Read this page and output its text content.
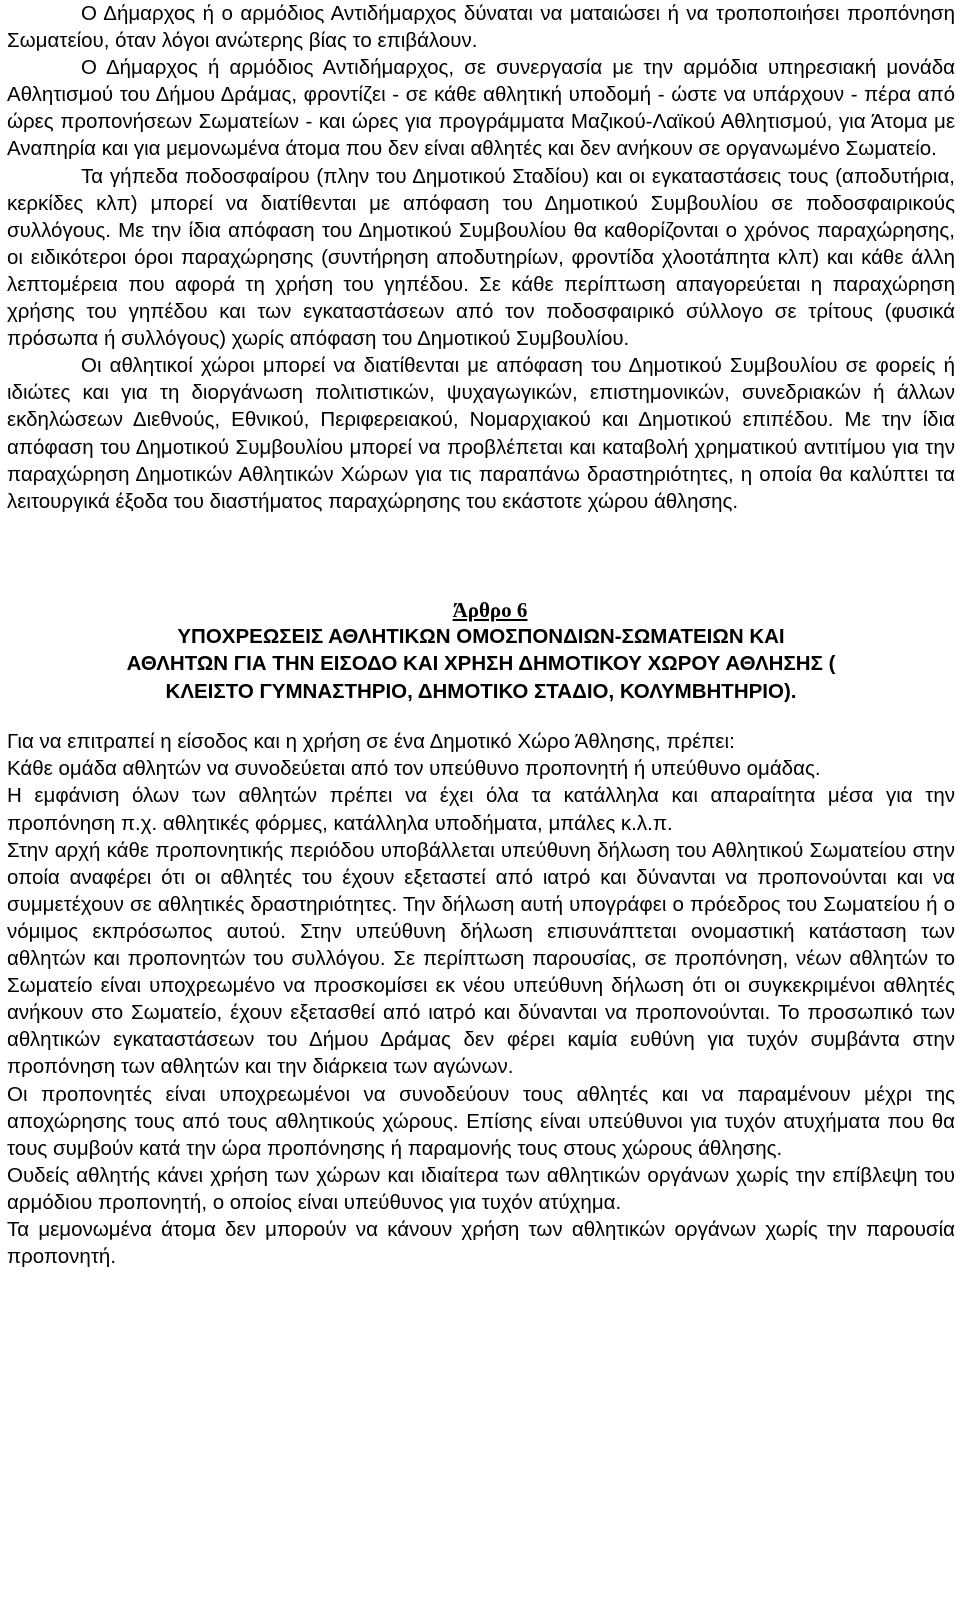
Ο Δήμαρχος ή ο αρμόδιος Αντιδήμαρχος δύναται να ματαιώσει ή να τροποποιήσει προπόνηση Σωματείου, όταν λόγοι ανώτερης βίας το επιβάλουν.

Ο Δήμαρχος ή αρμόδιος Αντιδήμαρχος, σε συνεργασία με την αρμόδια υπηρεσιακή μονάδα Αθλητισμού του Δήμου Δράμας, φροντίζει - σε κάθε αθλητική υποδομή - ώστε να υπάρχουν - πέρα από ώρες προπονήσεων Σωματείων - και ώρες για προγράμματα Μαζικού-Λαϊκού Αθλητισμού, για Άτομα με Αναπηρία και για μεμονωμένα άτομα που δεν είναι αθλητές και δεν ανήκουν σε οργανωμένο Σωματείο.

Τα γήπεδα ποδοσφαίρου (πλην του Δημοτικού Σταδίου) και οι εγκαταστάσεις τους (αποδυτήρια, κερκίδες κλπ) μπορεί να διατίθενται με απόφαση του Δημοτικού Συμβουλίου σε ποδοσφαιρικούς συλλόγους. Με την ίδια απόφαση του Δημοτικού Συμβουλίου θα καθορίζονται ο χρόνος παραχώρησης, οι ειδικότεροι όροι παραχώρησης (συντήρηση αποδυτηρίων, φροντίδα χλοοτάπητα κλπ) και κάθε άλλη λεπτομέρεια που αφορά τη χρήση του γηπέδου. Σε κάθε περίπτωση απαγορεύεται η παραχώρηση χρήσης του γηπέδου και των εγκαταστάσεων από τον ποδοσφαιρικό σύλλογο σε τρίτους (φυσικά πρόσωπα ή συλλόγους) χωρίς απόφαση του Δημοτικού Συμβουλίου.

Οι αθλητικοί χώροι μπορεί να διατίθενται με απόφαση του Δημοτικού Συμβουλίου σε φορείς ή ιδιώτες και για τη διοργάνωση πολιτιστικών, ψυχαγωγικών, επιστημονικών, συνεδριακών ή άλλων εκδηλώσεων Διεθνούς, Εθνικού, Περιφερειακού, Νομαρχιακού και Δημοτικού επιπέδου. Με την ίδια απόφαση του Δημοτικού Συμβουλίου μπορεί να προβλέπεται και καταβολή χρηματικού αντιτίμου για την παραχώρηση Δημοτικών Αθλητικών Χώρων για τις παραπάνω δραστηριότητες, η οποία θα καλύπτει τα λειτουργικά έξοδα του διαστήματος παραχώρησης του εκάστοτε χώρου άθλησης.

Άρθρο 6
ΥΠΟΧΡΕΩΣΕΙΣ ΑΘΛΗΤΙΚΩΝ ΟΜΟΣΠΟΝΔΙΩΝ-ΣΩΜΑΤΕΙΩΝ ΚΑΙ
ΑΘΛΗΤΩΝ ΓΙΑ ΤΗΝ ΕΙΣΟΔΟ ΚΑΙ ΧΡΗΣΗ ΔΗΜΟΤΙΚΟΥ ΧΩΡΟΥ ΑΘΛΗΣΗΣ (
ΚΛΕΙΣΤΟ ΓΥΜΝΑΣΤΗΡΙΟ, ΔΗΜΟΤΙΚΟ ΣΤΑΔΙΟ, ΚΟΛΥΜΒΗΤΗΡΙΟ).

Για να επιτραπεί η είσοδος και η χρήση σε ένα Δημοτικό Χώρο Άθλησης, πρέπει:

Κάθε ομάδα αθλητών να συνοδεύεται από τον υπεύθυνο προπονητή ή υπεύθυνο ομάδας.

Η εμφάνιση όλων των αθλητών πρέπει να έχει όλα τα κατάλληλα και απαραίτητα μέσα για την προπόνηση π.χ. αθλητικές φόρμες, κατάλληλα υποδήματα, μπάλες κ.λ.π.

Στην αρχή κάθε προπονητικής περιόδου υποβάλλεται υπεύθυνη δήλωση του Αθλητικού Σωματείου στην οποία αναφέρει ότι οι αθλητές του έχουν εξεταστεί από ιατρό και δύνανται να προπονούνται και να συμμετέχουν σε αθλητικές δραστηριότητες. Την δήλωση αυτή υπογράφει ο πρόεδρος του Σωματείου ή ο νόμιμος εκπρόσωπος αυτού. Στην υπεύθυνη δήλωση επισυνάπτεται ονομαστική κατάσταση των αθλητών και προπονητών του συλλόγου. Σε περίπτωση παρουσίας, σε προπόνηση, νέων αθλητών το Σωματείο είναι υποχρεωμένο να προσκομίσει εκ νέου υπεύθυνη δήλωση ότι οι συγκεκριμένοι αθλητές ανήκουν στο Σωματείο, έχουν εξετασθεί από ιατρό και δύνανται να προπονούνται. Το προσωπικό των αθλητικών εγκαταστάσεων του Δήμου Δράμας δεν φέρει καμία ευθύνη για τυχόν συμβάντα στην προπόνηση των αθλητών και την διάρκεια των αγώνων.

Οι προπονητές είναι υποχρεωμένοι να συνοδεύουν τους αθλητές και να παραμένουν μέχρι της αποχώρησης τους από τους αθλητικούς χώρους. Επίσης είναι υπεύθυνοι για τυχόν ατυχήματα που θα τους συμβούν κατά την ώρα προπόνησης ή παραμονής τους στους χώρους άθλησης.

Ουδείς αθλητής κάνει χρήση των χώρων και ιδιαίτερα των αθλητικών οργάνων χωρίς την επίβλεψη του αρμόδιου προπονητή, ο οποίος είναι υπεύθυνος για τυχόν ατύχημα.

Τα μεμονωμένα άτομα δεν μπορούν να κάνουν χρήση των αθλητικών οργάνων χωρίς την παρουσία προπονητή.
